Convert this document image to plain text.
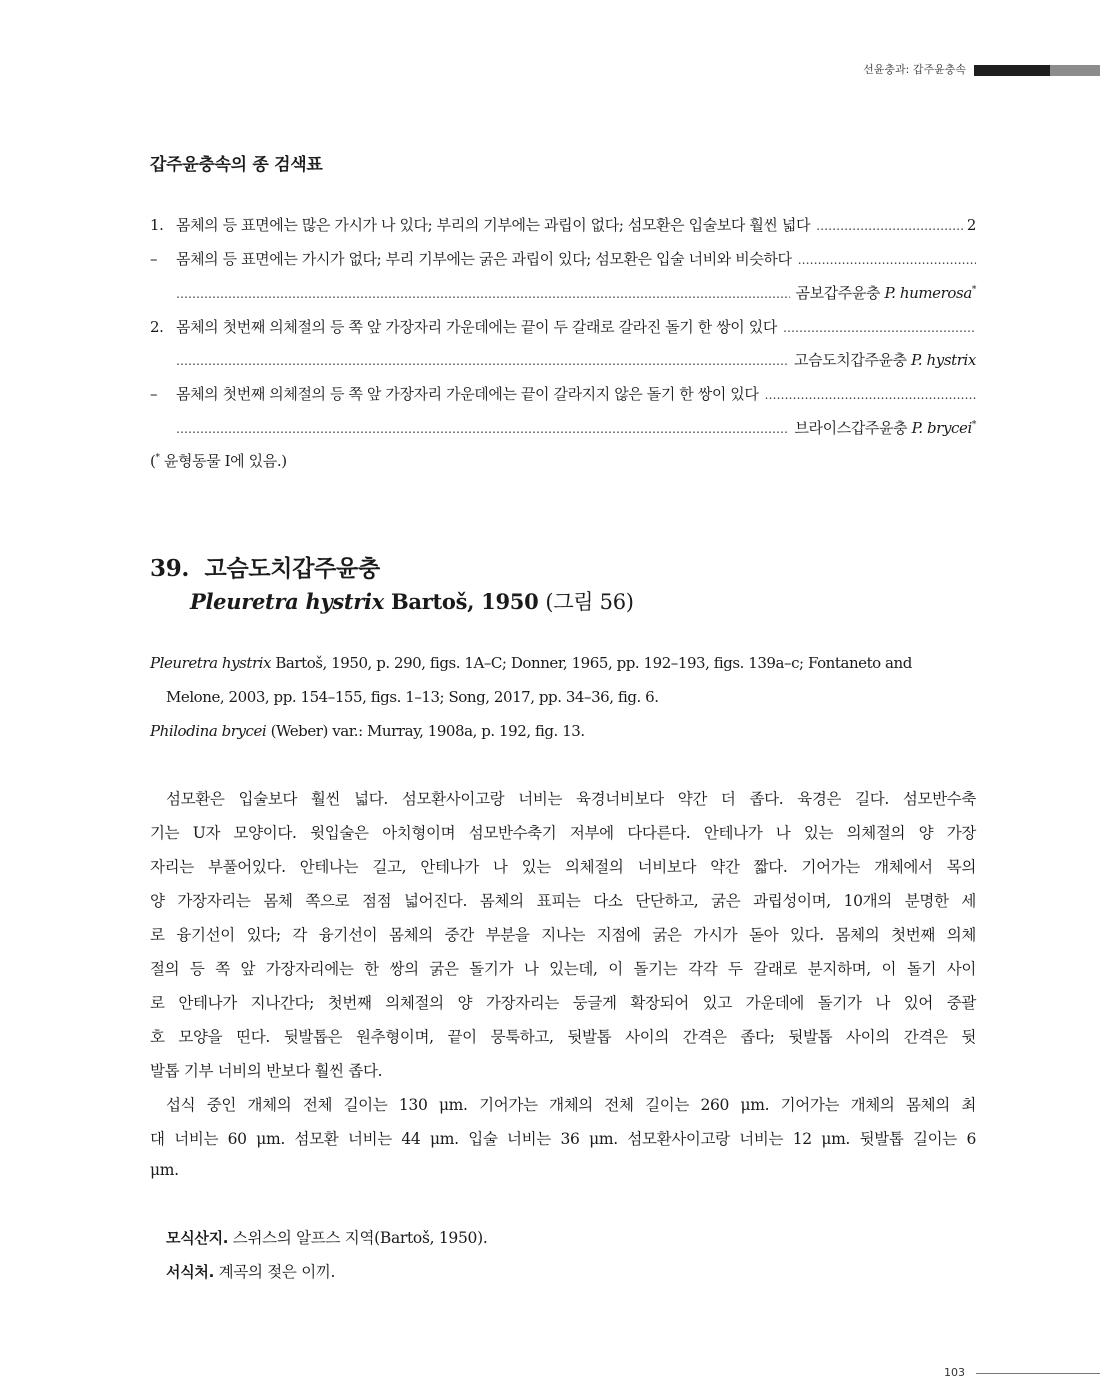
선윤충과: 갑주윤충속
갑주윤충속의 종 검색표
1. 몸체의 등 표면에는 많은 가시가 나 있다; 부리의 기부에는 과립이 없다; 섬모환은 입술보다 훨씬 넓다
……………………………………………………………………………………………………………………………………………………………………………………………………………………………………………………………………	2
–	몸체의 등 표면에는 가시가 없다; 부리 기부에는 굵은 과립이 있다; 섬모환은 입술 너비와 비슷하다
……………………………………………………………………………………………………………………………………………………………………………………………………………………………………………………………………
……………………………………………………………………………………………………………………………………………………………………………………………………………………………………………………………………
곰보갑주윤충 P. humerosa*
2. 몸체의 첫번째 의체절의 등 쪽 앞 가장자리 가운데에는 끝이 두 갈래로 갈라진 돌기 한 쌍이 있다
……………………………………………………………………………………………………………………………………………………………………………………………………………………………………………………………………
……………………………………………………………………………………………………………………………………………………………………………………………………………………………………………………………………
고슴도치갑주윤충 P. hystrix
–	몸체의 첫번째 의체절의 등 쪽 앞 가장자리 가운데에는 끝이 갈라지지 않은 돌기 한 쌍이 있다
……………………………………………………………………………………………………………………………………………………………………………………………………………………………………………………………………
……………………………………………………………………………………………………………………………………………………………………………………………………………………………………………………………………
브라이스갑주윤충 P. brycei*
(* 윤형동물 I에 있음.)
39. 고슴도치갑주윤충
Pleuretra hystrix Bartoš, 1950 (그림 56)
Pleuretra hystrix Bartoš, 1950, p. 290, figs. 1A–C; Donner, 1965, pp. 192–193, figs. 139a–c; Fontaneto and
Melone, 2003, pp. 154–155, figs. 1–13; Song, 2017, pp. 34–36, fig. 6.
Philodina brycei (Weber) var.: Murray, 1908a, p. 192, fig. 13.
섬모환은 입술보다 훨씬 넓다. 섬모환사이고랑 너비는 육경너비보다 약간 더 좁다. 육경은 길다. 섬모반수축
기는 U자 모양이다. 윗입술은 아치형이며 섬모반수축기 저부에 다다른다. 안테나가 나 있는 의체절의 양 가장
자리는 부풀어있다. 안테나는 길고, 안테나가 나 있는 의체절의 너비보다 약간 짧다. 기어가는 개체에서 목의
양 가장자리는 몸체 쪽으로 점점 넓어진다. 몸체의 표피는 다소 단단하고, 굵은 과립성이며, 10개의 분명한 세
로 융기선이 있다; 각 융기선이 몸체의 중간 부분을 지나는 지점에 굵은 가시가 돋아 있다. 몸체의 첫번째 의체
절의 등 쪽 앞 가장자리에는 한 쌍의 굵은 돌기가 나 있는데, 이 돌기는 각각 두 갈래로 분지하며, 이 돌기 사이
로 안테나가 지나간다; 첫번째 의체절의 양 가장자리는 둥글게 확장되어 있고 가운데에 돌기가 나 있어 중괄
호 모양을 띤다. 뒷발톱은 원추형이며, 끝이 뭉툭하고, 뒷발톱 사이의 간격은 좁다; 뒷발톱 사이의 간격은 뒷
발톱 기부 너비의 반보다 훨씬 좁다.
섭식 중인 개체의 전체 길이는 130 μm. 기어가는 개체의 전체 길이는 260 μm. 기어가는 개체의 몸체의 최
대 너비는 60 μm. 섬모환 너비는 44 μm. 입술 너비는 36 μm. 섬모환사이고랑 너비는 12 μm. 뒷발톱 길이는 6
μm.
모식산지. 스위스의 알프스 지역(Bartoš, 1950).
서식처. 계곡의 젖은 이끼.
103
